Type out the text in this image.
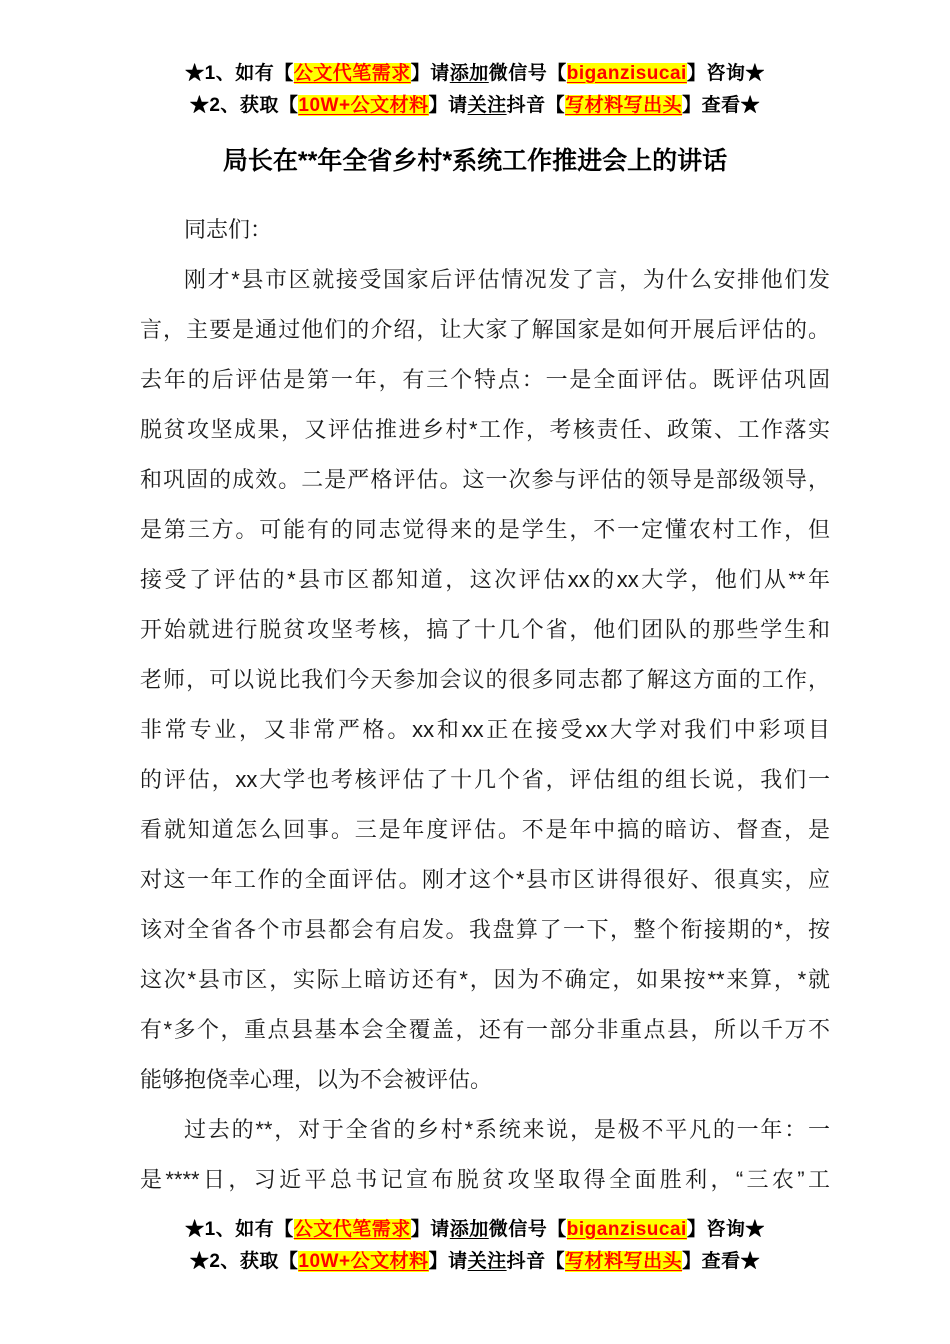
★1、如有【公文代笔需求】请添加微信号【biganzisucai】咨询★
★2、获取【10W+公文材料】请关注抖音【写材料写出头】查看★
局长在**年全省乡村*系统工作推进会上的讲话
同志们：
刚才*县市区就接受国家后评估情况发了言，为什么安排他们发
言，主要是通过他们的介绍，让大家了解国家是如何开展后评估的。
去年的后评估是第一年，有三个特点：一是全面评估。既评估巩固
脱贫攻坚成果，又评估推进乡村*工作，考核责任、政策、工作落实
和巩固的成效。二是严格评估。这一次参与评估的领导是部级领导，
是第三方。可能有的同志觉得来的是学生，不一定懂农村工作，但
接受了评估的*县市区都知道，这次评估xx的xx大学，他们从**年
开始就进行脱贫攻坚考核，搞了十几个省，他们团队的那些学生和
老师，可以说比我们今天参加会议的很多同志都了解这方面的工作，
非常专业，又非常严格。xx和xx正在接受xx大学对我们中彩项目
的评估，xx大学也考核评估了十几个省，评估组的组长说，我们一
看就知道怎么回事。三是年度评估。不是年中搞的暗访、督查，是
对这一年工作的全面评估。刚才这个*县市区讲得很好、很真实，应
该对全省各个市县都会有启发。我盘算了一下，整个衔接期的*，按
这次*县市区，实际上暗访还有*，因为不确定，如果按**来算，*就
有*多个，重点县基本会全覆盖，还有一部分非重点县，所以千万不
能够抱侥幸心理，以为不会被评估。
过去的**，对于全省的乡村*系统来说，是极不平凡的一年：一
是****日，习近平总书记宣布脱贫攻坚取得全面胜利，“三农”工
★1、如有【公文代笔需求】请添加微信号【biganzisucai】咨询★
★2、获取【10W+公文材料】请关注抖音【写材料写出头】查看★
